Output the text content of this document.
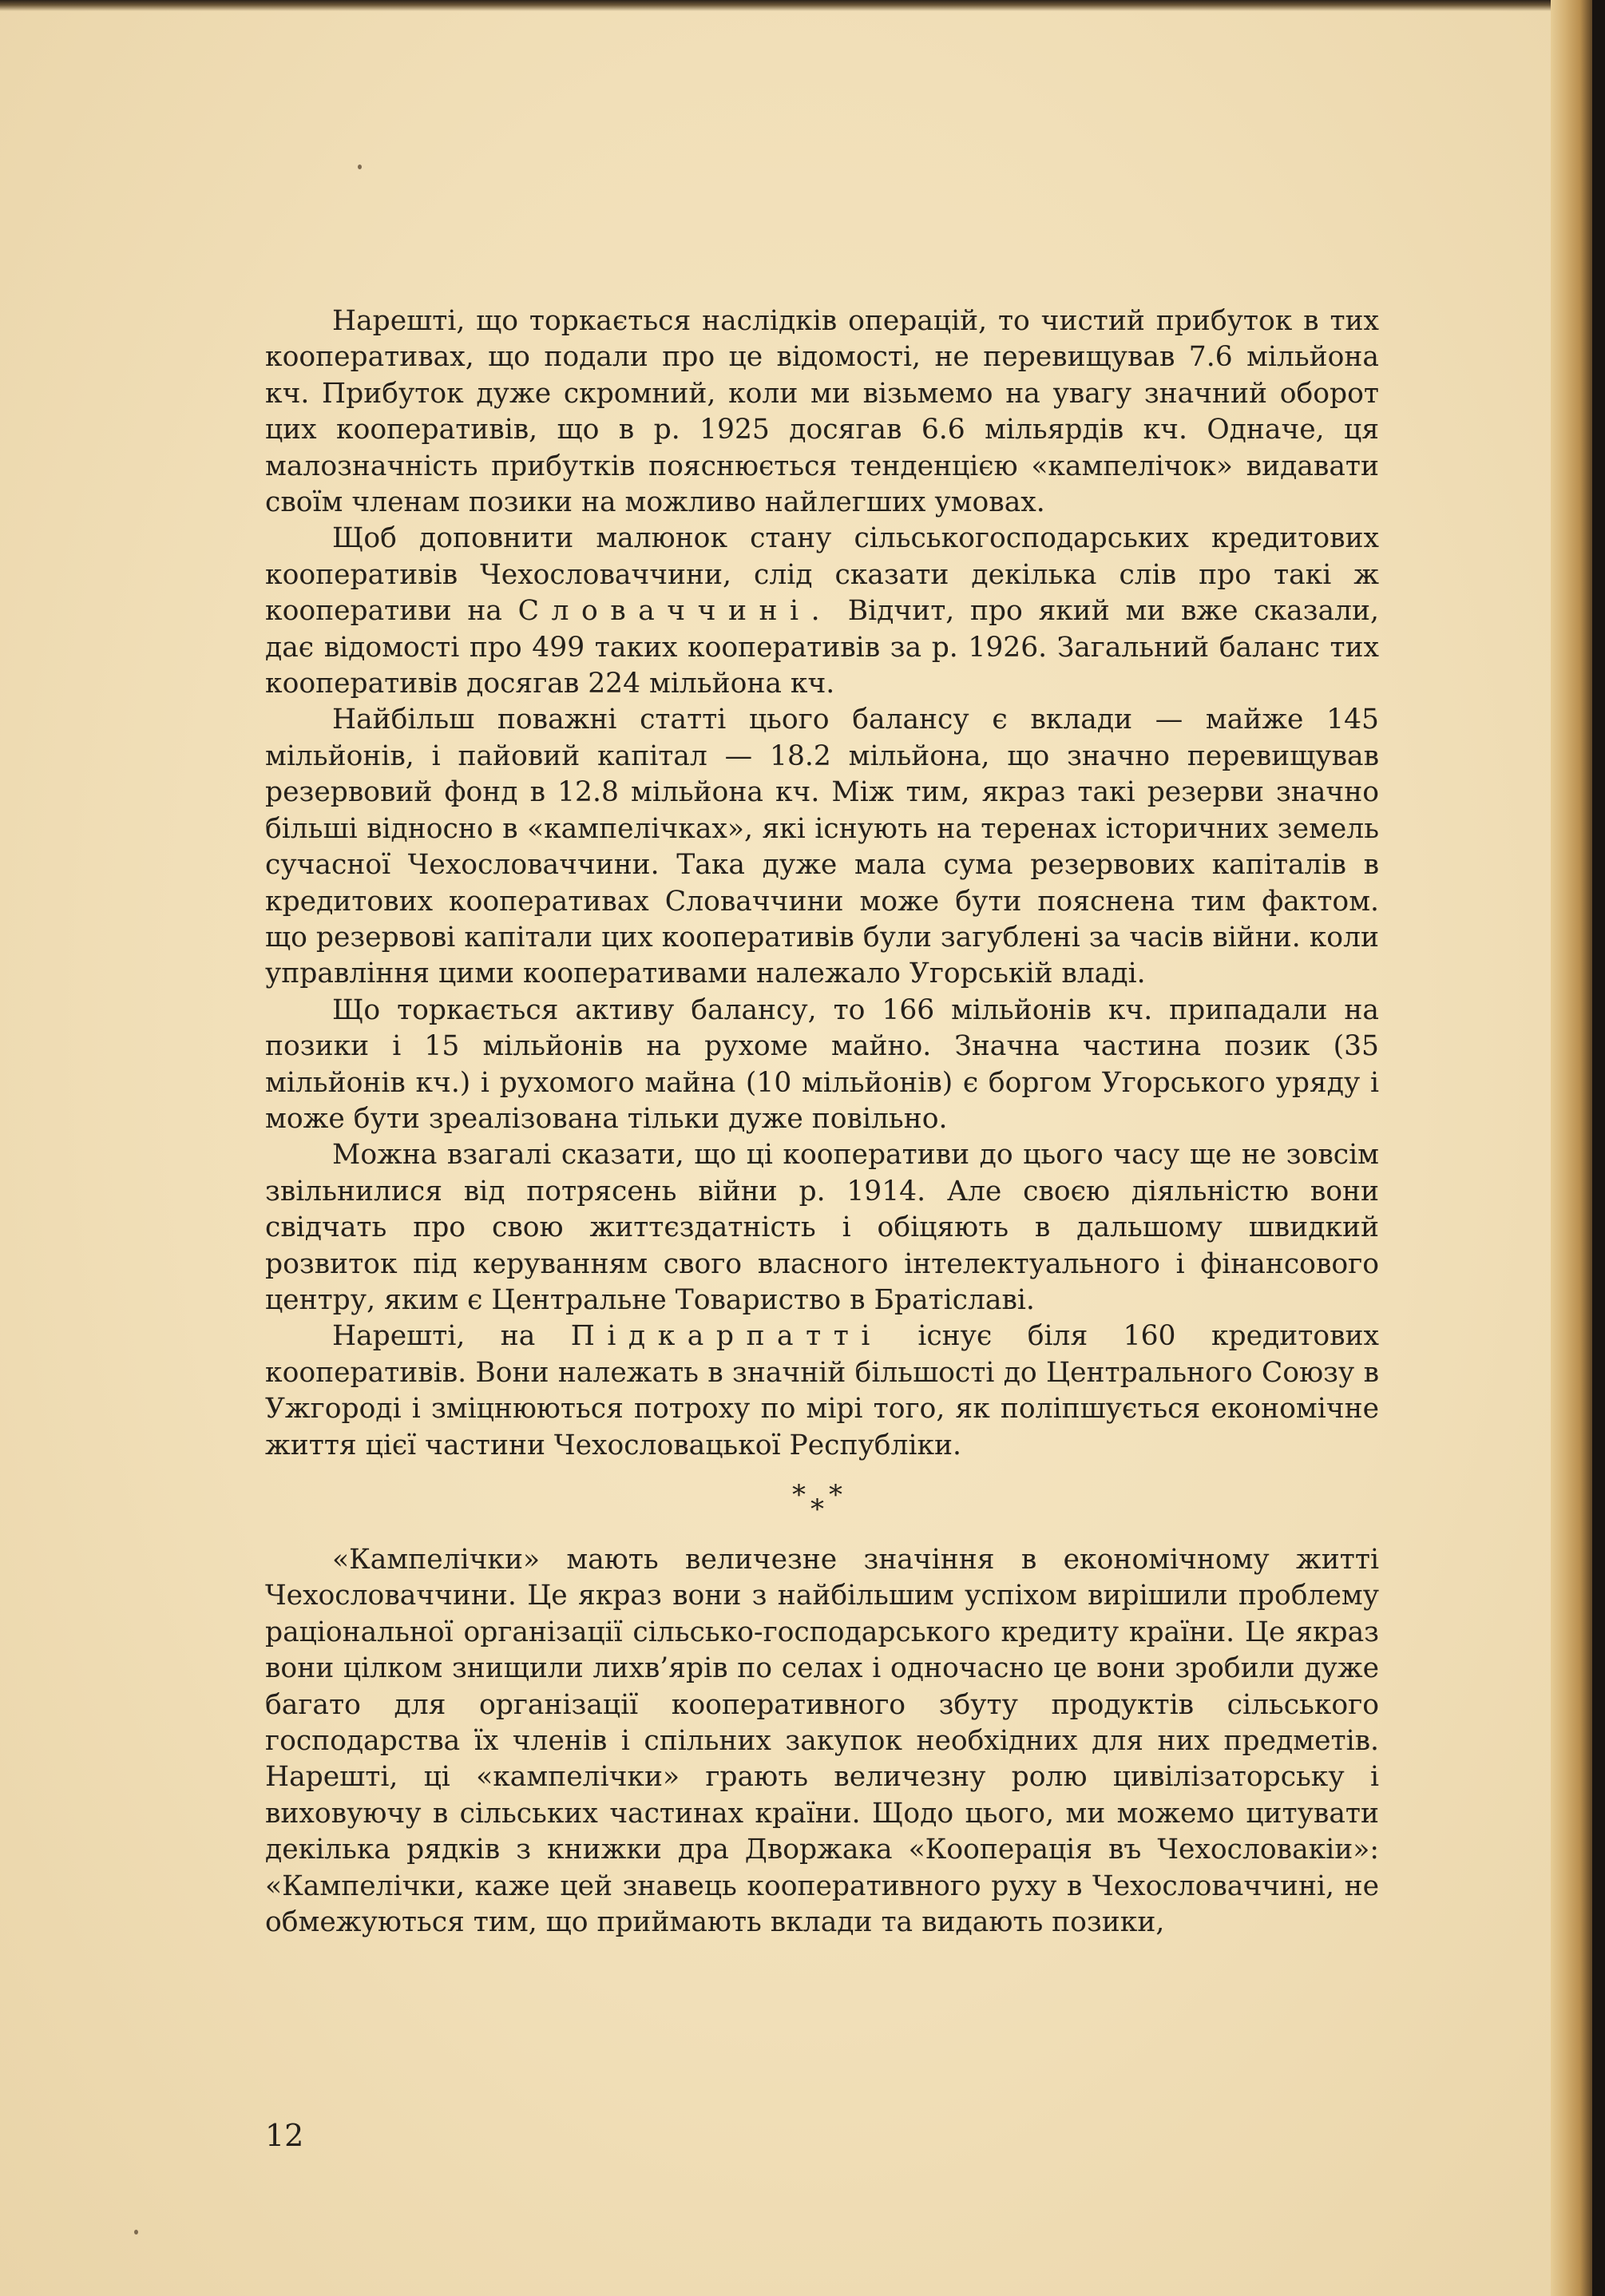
Нарешті, що торкається наслідків операцій, то чистий прибуток в тих кооперативах, що подали про це відомості, не перевищував 7.6 мільйона кч. Прибуток дуже скромний, коли ми візьмемо на увагу значний оборот цих кооперативів, що в р. 1925 досягав 6.6 мільярдів кч. Одначе, ця малозначність прибутків пояснюється тенденцією «кампелічок» видавати своїм членам позики на можливо найлегших умовах.

Щоб доповнити малюнок стану сільськогосподарських кредитових кооперативів Чехословаччини, слід сказати декілька слів про такі ж кооперативи на Словаччині. Відчит, про який ми вже сказали, дає відомості про 499 таких кооперативів за р. 1926. Загальний баланс тих кооперативів досягав 224 мільйона кч.

Найбільш поважні статті цього балансу є вклади — майже 145 мільйонів, і пайовий капітал — 18.2 мільйона, що значно перевищував резервовий фонд в 12.8 мільйона кч. Між тим, якраз такі резерви значно більші відносно в «кампелічках», які існують на теренах історичних земель сучасної Чехословаччини. Така дуже мала сума резервових капіталів в кредитових кооперативах Словаччини може бути пояснена тим фактом. що резервові капітали цих кооперативів були загублені за часів війни. коли управління цими кооперативами належало Угорській владі.

Що торкається активу балансу, то 166 мільйонів кч. припадали на позики і 15 мільйонів на рухоме майно. Значна частина позик (35 мільйонів кч.) і рухомого майна (10 мільйонів) є боргом Угорського уряду і може бути зреалізована тільки дуже повільно.

Можна взагалі сказати, що ці кооперативи до цього часу ще не зовсім звільнилися від потрясень війни р. 1914. Але своєю діяльністю вони свідчать про свою життєздатність і обіцяють в дальшому швидкий розвиток під керуванням свого власного інтелектуального і фінансового центру, яким є Центральне Товариство в Братіславі.

Нарешті, на Підкарпатті існує біля 160 кредитових кооперативів. Вони належать в значній більшості до Центрального Союзу в Ужгороді і зміцнюються потроху по мірі того, як поліпшується економічне життя цієї частини Чехословацької Республіки.

* * *

«Кампелічки» мають величезне значіння в економічному житті Чехословаччини. Це якраз вони з найбільшим успіхом вирішили проблему раціональної організації сільсько-господарського кредиту країни. Це якраз вони цілком знищили лихв’ярів по селах і одночасно це вони зробили дуже багато для організації кооперативного збуту продуктів сільського господарства їх членів і спільних закупок необхідних для них предметів. Нарешті, ці «кампелічки» грають величезну ролю цивілізаторську і виховуючу в сільських частинах країни. Щодо цього, ми можемо цитувати декілька рядків з книжки дра Дворжака «Кооперація въ Чехословакіи»: «Кампелічки, каже цей знавець кооперативного руху в Чехословаччині, не обмежуються тим, що приймають вклади та видають позики,

12
